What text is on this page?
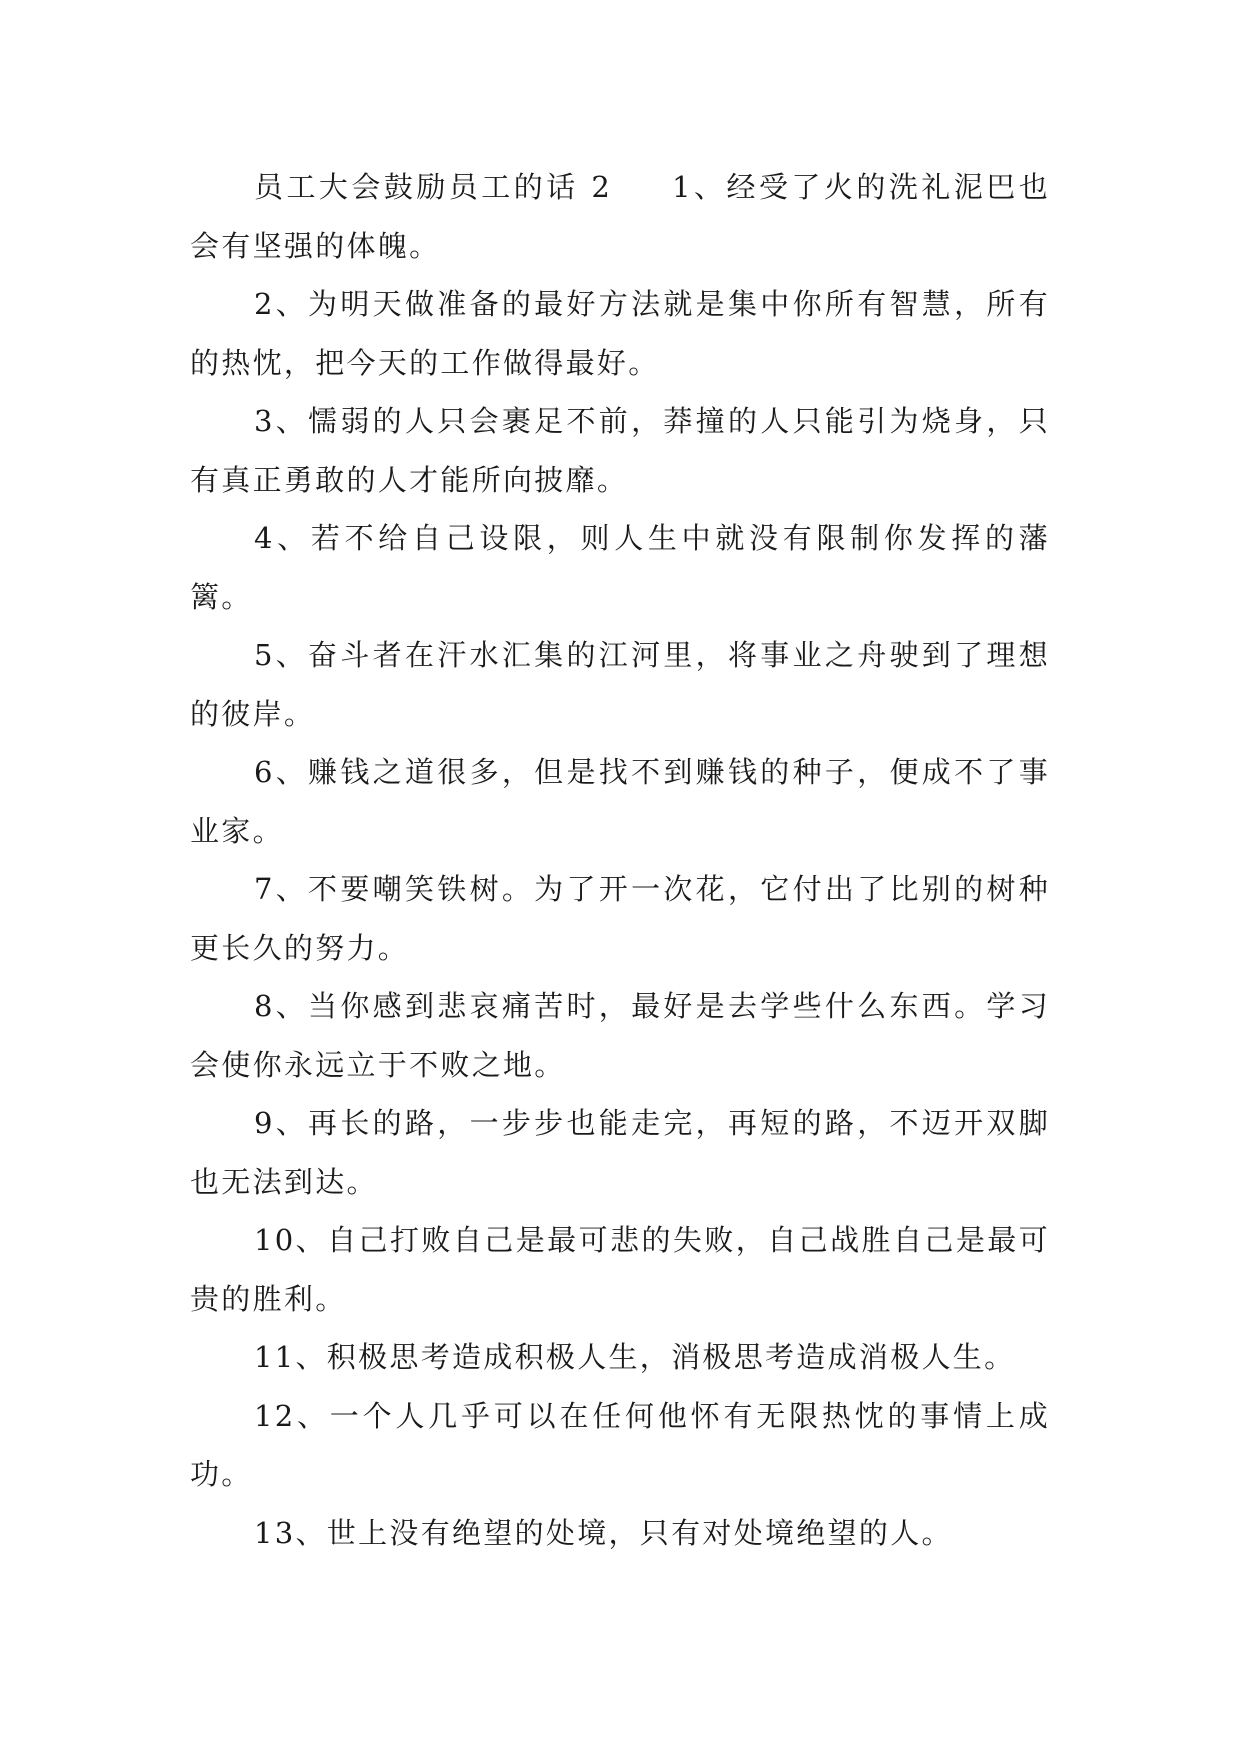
员工大会鼓励员工的话 2 1、经受了火的洗礼泥巴也会有坚强的体魄。

2、为明天做准备的最好方法就是集中你所有智慧，所有的热忱，把今天的工作做得最好。

3、懦弱的人只会裹足不前，莽撞的人只能引为烧身，只有真正勇敢的人才能所向披靡。

4、若不给自己设限，则人生中就没有限制你发挥的藩篱。

5、奋斗者在汗水汇集的江河里，将事业之舟驶到了理想的彼岸。

6、赚钱之道很多，但是找不到赚钱的种子，便成不了事业家。

7、不要嘲笑铁树。为了开一次花，它付出了比别的树种更长久的努力。

8、当你感到悲哀痛苦时，最好是去学些什么东西。学习会使你永远立于不败之地。

9、再长的路，一步步也能走完，再短的路，不迈开双脚也无法到达。

10、自己打败自己是最可悲的失败，自己战胜自己是最可贵的胜利。

11、积极思考造成积极人生，消极思考造成消极人生。

12、一个人几乎可以在任何他怀有无限热忱的事情上成功。

13、世上没有绝望的处境，只有对处境绝望的人。
